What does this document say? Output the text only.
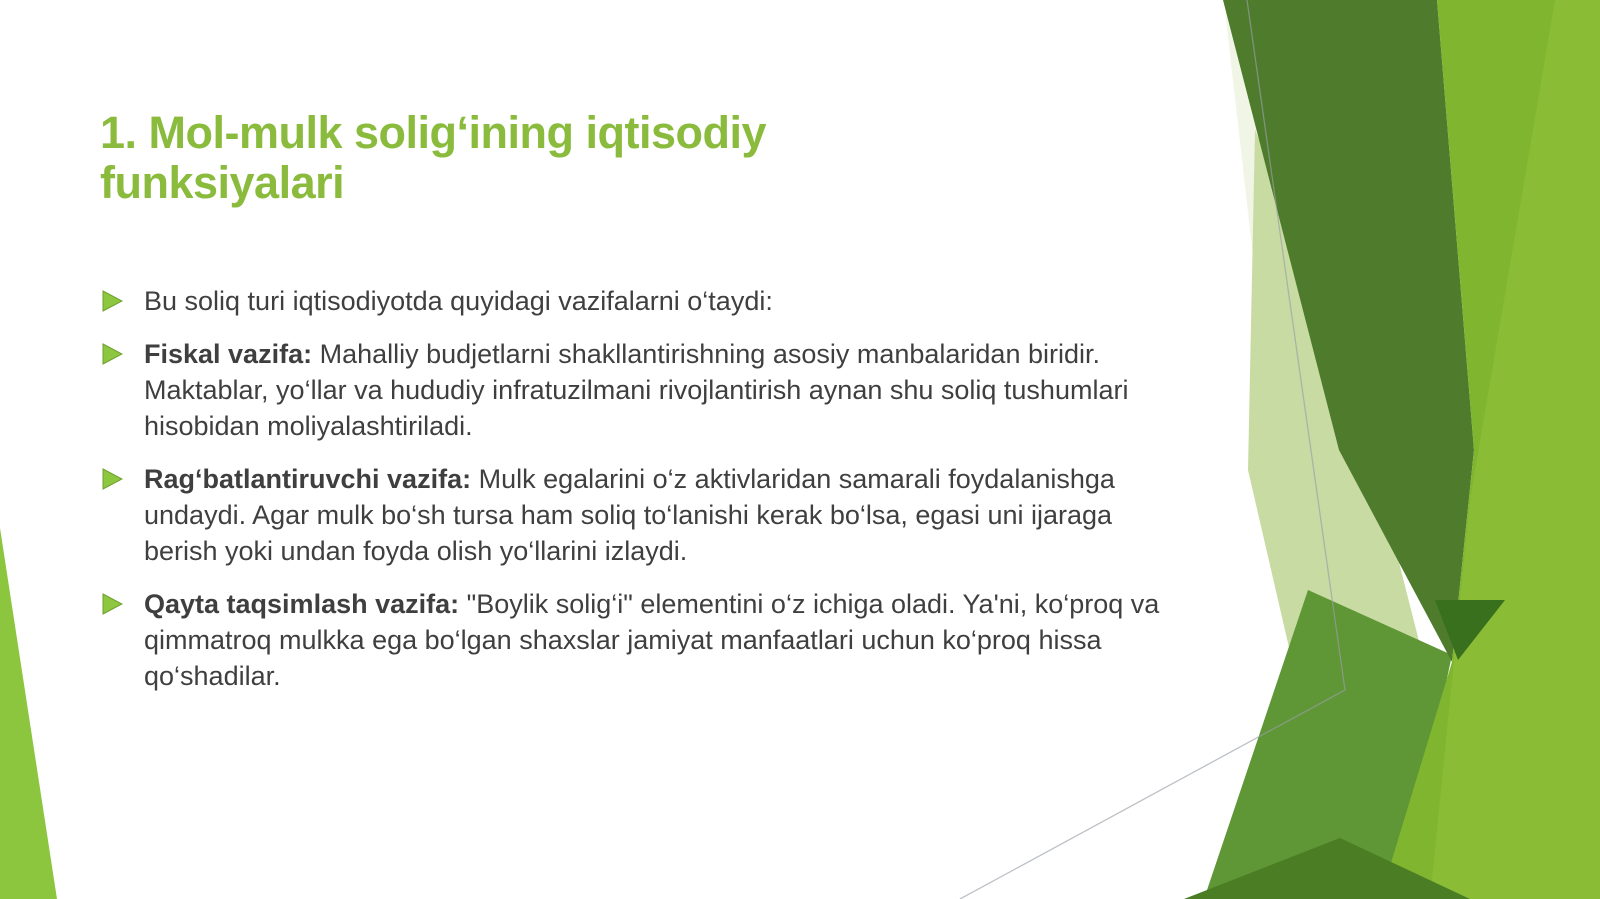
1. Mol-mulk solig‘ining iqtisodiy
funksiyalari

Bu soliq turi iqtisodiyotda quyidagi vazifalarni o‘taydi:

Fiskal vazifa: Mahalliy budjetlarni shakllantirishning asosiy manbalaridan biridir. Maktablar, yo‘llar va hududiy infratuzilmani rivojlantirish aynan shu soliq tushumlari hisobidan moliyalashtiriladi.

Rag‘batlantiruvchi vazifa: Mulk egalarini o‘z aktivlaridan samarali foydalanishga undaydi. Agar mulk bo‘sh tursa ham soliq to‘lanishi kerak bo‘lsa, egasi uni ijaraga berish yoki undan foyda olish yo‘llarini izlaydi.

Qayta taqsimlash vazifa: "Boylik solig‘i" elementini o‘z ichiga oladi. Ya'ni, ko‘proq va qimmatroq mulkka ega bo‘lgan shaxslar jamiyat manfaatlari uchun ko‘proq hissa qo‘shadilar.
